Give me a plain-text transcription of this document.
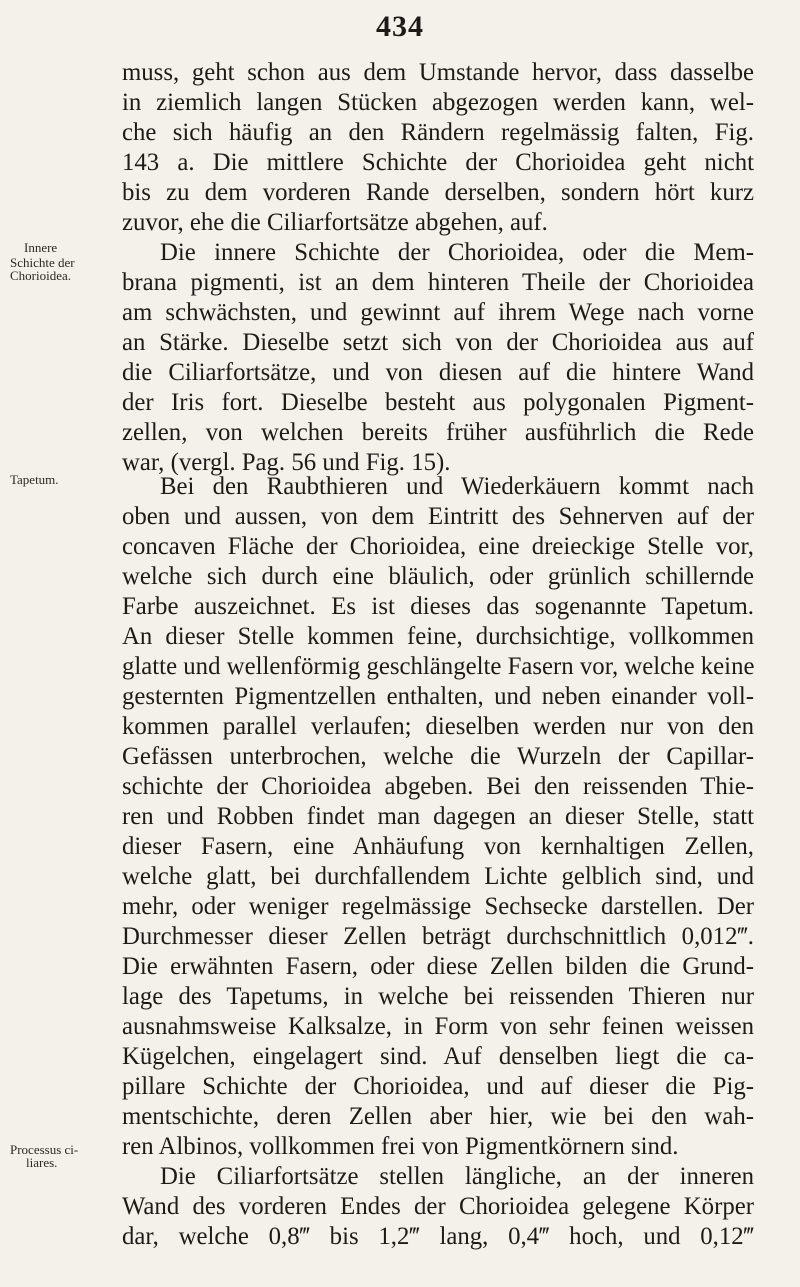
434
Innere
Schichte der
Chorioidea.
Tapetum.
Processus ci-
liares.
muss, geht schon aus dem Umstande hervor, dass dasselbe
in ziemlich langen Stücken abgezogen werden kann, wel-
che sich häufig an den Rändern regelmässig falten, Fig.
143 a. Die mittlere Schichte der Chorioidea geht nicht
bis zu dem vorderen Rande derselben, sondern hört kurz
zuvor, ehe die Ciliarfortsätze abgehen, auf.
Die innere Schichte der Chorioidea, oder die Mem-
brana pigmenti, ist an dem hinteren Theile der Chorioidea
am schwächsten, und gewinnt auf ihrem Wege nach vorne
an Stärke. Dieselbe setzt sich von der Chorioidea aus auf
die Ciliarfortsätze, und von diesen auf die hintere Wand
der Iris fort. Dieselbe besteht aus polygonalen Pigment-
zellen, von welchen bereits früher ausführlich die Rede
war, (vergl. Pag. 56 und Fig. 15).
Bei den Raubthieren und Wiederkäuern kommt nach
oben und aussen, von dem Eintritt des Sehnerven auf der
concaven Fläche der Chorioidea, eine dreieckige Stelle vor,
welche sich durch eine bläulich, oder grünlich schillernde
Farbe auszeichnet. Es ist dieses das sogenannte Tapetum.
An dieser Stelle kommen feine, durchsichtige, vollkommen
glatte und wellenförmig geschlängelte Fasern vor, welche keine
gesternten Pigmentzellen enthalten, und neben einander voll-
kommen parallel verlaufen; dieselben werden nur von den
Gefässen unterbrochen, welche die Wurzeln der Capillar-
schichte der Chorioidea abgeben. Bei den reissenden Thie-
ren und Robben findet man dagegen an dieser Stelle, statt
dieser Fasern, eine Anhäufung von kernhaltigen Zellen,
welche glatt, bei durchfallendem Lichte gelblich sind, und
mehr, oder weniger regelmässige Sechsecke darstellen. Der
Durchmesser dieser Zellen beträgt durchschnittlich 0,012‴.
Die erwähnten Fasern, oder diese Zellen bilden die Grund-
lage des Tapetums, in welche bei reissenden Thieren nur
ausnahmsweise Kalksalze, in Form von sehr feinen weissen
Kügelchen, eingelagert sind. Auf denselben liegt die ca-
pillare Schichte der Chorioidea, und auf dieser die Pig-
mentschichte, deren Zellen aber hier, wie bei den wah-
ren Albinos, vollkommen frei von Pigmentkörnern sind.
Die Ciliarfortsätze stellen längliche, an der inneren
Wand des vorderen Endes der Chorioidea gelegene Körper
dar, welche 0,8‴ bis 1,2‴ lang, 0,4‴ hoch, und 0,12‴
